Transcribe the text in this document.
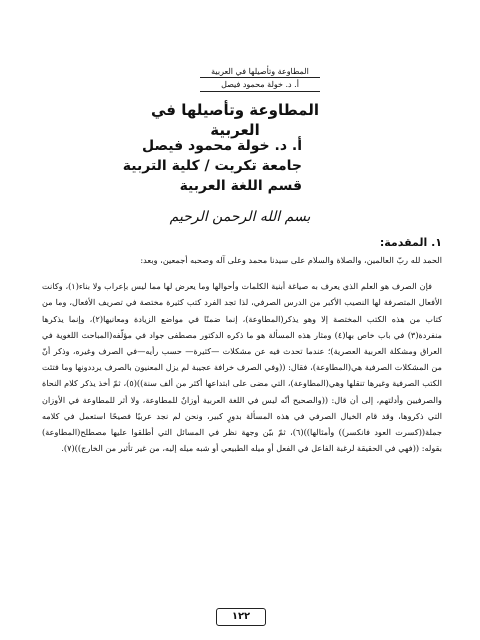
المطاوعة وتأصيلها في العربية
أ. د. خولة محمود فيصل
المطاوعة وتأصيلها في العربية
أ. د. خولة محمود فيصل
جامعة تكريت / كلية التربية
قسم اللغة العربية
بسم الله الرحمن الرحيم
١. المقدمة:

الحمد لله ربّ العالمين، والصلاة والسلام على سيدنا محمد وعلى آله وصحبه أجمعين، وبعد:

فإن الصرف هو العلم الذي يعرف به صياغة أبنية الكلمات وأحوالها وما يعرض لها مما ليس بإعراب ولا بناء(١)، وكانت الأفعال المتصرفة لها النصيب الأكبر من الدرس الصرفي، لذا تجد الفرد كتب كثيرة مختصة في تصريف الأفعال، وما من كتاب من هذه الكتب المختصة إلا وهو يذكر(المطاوعة)، إنما ضمنًا في مواضع الزيادة ومعانيها(٢)، وإنما يذكرها منفردة(٣) في باب خاص بها(٤) ومثار هذه المسألة هو ما ذكره الدكتور مصطفى جواد في مؤلّفه(المباحث اللغوية في العراق ومشكلة العربية العصرية)؛ عندما تحدث فيه عن مشكلات —كثيرة— حسب رأيه—في الصرف وغيره، وذكر أنّ من المشكلات الصرفية هي(المطاوعة)، فقال: ((وفي الصرف خرافة عجيبة لم يزل المعنيون بالصرف يرددونها وما فتئت الكتب الصرفية وغيرها تنقلها وهي(المطاوعة)، التي مضى على ابتداعها أكثر من ألف سنة))(٥)، ثمّ أخذ يذكر كلام النحاة والصرفيين وأدلتهم، إلى أن قال: ((والصحيح أنّه ليس في اللغة العربية أوزانٌ للمطاوعة، ولا أثر للمطاوعة في الأوزان التي ذكروها، وقد قام الخيال الصرفي في هذه المسألة بدورٍ كبير، ونحن لم نجد عربيًا فصيحًا استعمل في كلامه جملة((كسرت العود فانكسر)) وأمثالها))(٦)، ثمّ بيّن وجهة نظر في المسائل التي أطلقوا عليها مصطلح(المطاوعة) بقوله: ((فهي في الحقيقة لرغبة الفاعل في الفعل أو ميله الطبيعي أو شبه ميله إليه، من غير تأثير من الخارج))(٧).

١٢٢
